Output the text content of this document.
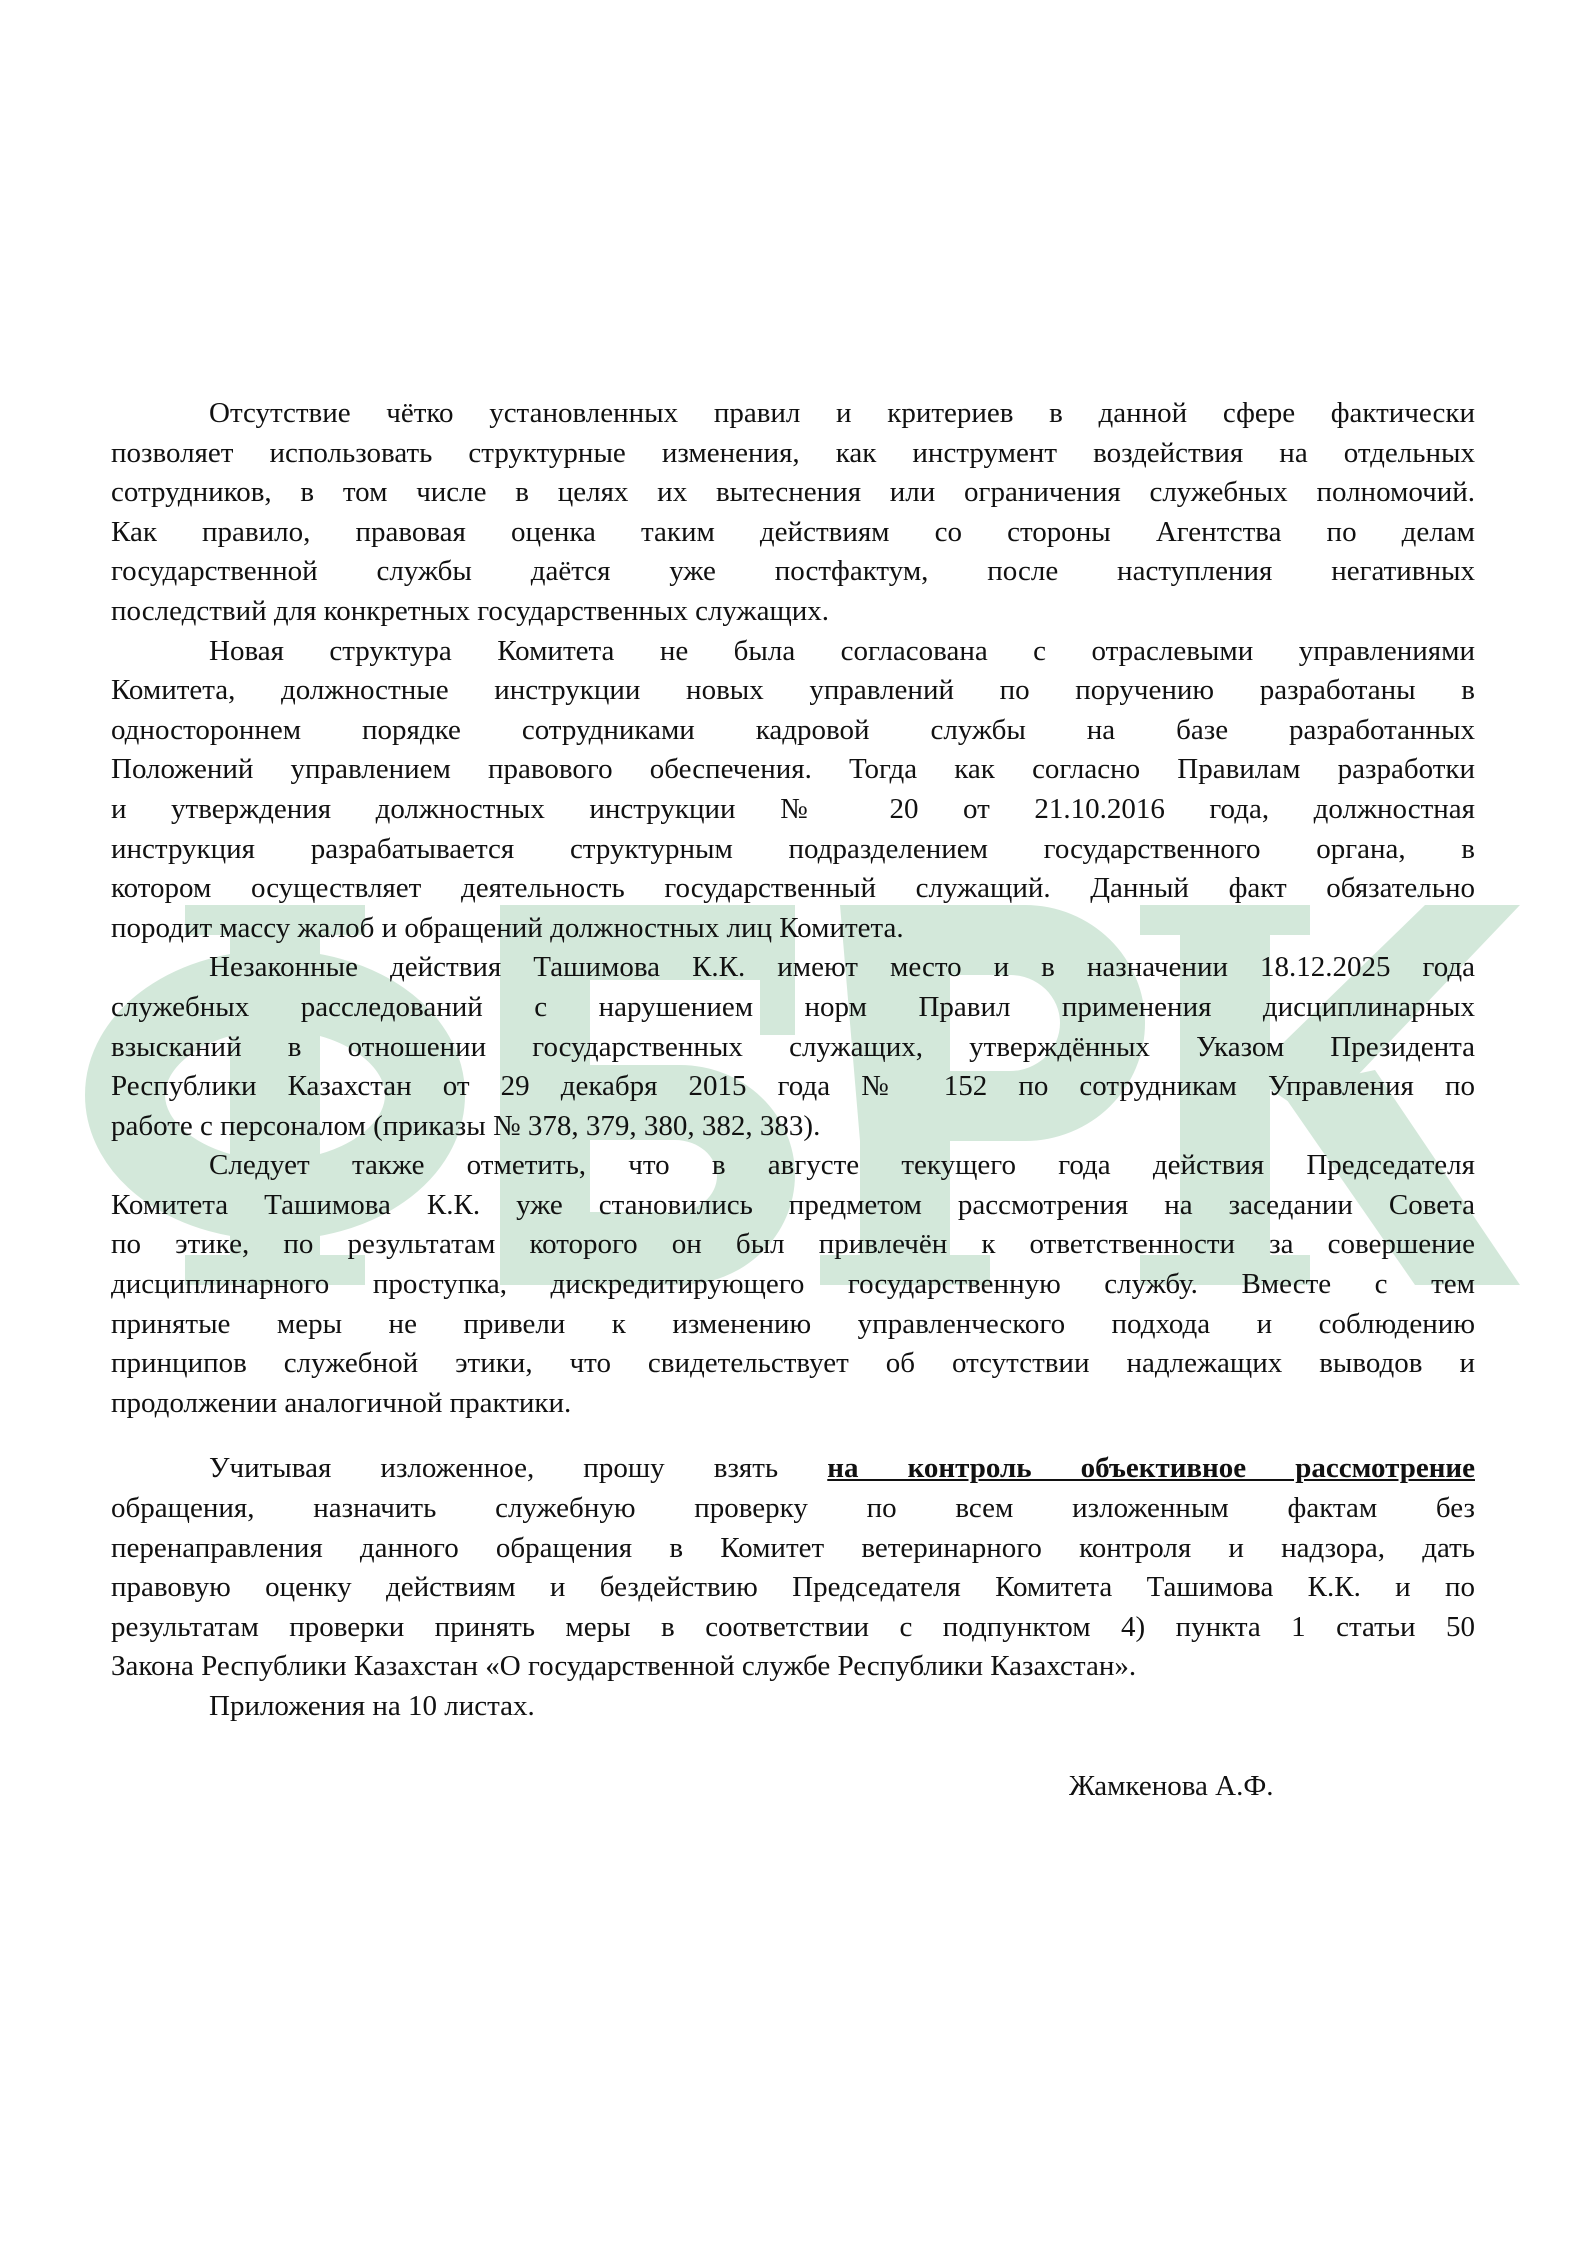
Отсутствие чётко установленных правил и критериев в данной сфере фактически
позволяет использовать структурные изменения, как инструмент воздействия на отдельных
сотрудников, в том числе в целях их вытеснения или ограничения служебных полномочий.
Как правило, правовая оценка таким действиям со стороны Агентства по делам
государственной службы даётся уже постфактум, после наступления негативных
последствий для конкретных государственных служащих.
Новая структура Комитета не была согласована с отраслевыми управлениями
Комитета, должностные инструкции новых управлений по поручению разработаны в
одностороннем порядке сотрудниками кадровой службы на базе разработанных
Положений управлением правового обеспечения. Тогда как согласно Правилам разработки
и утверждения должностных инструкции № 20 от 21.10.2016 года, должностная
инструкция разрабатывается структурным подразделением государственного органа, в
котором осуществляет деятельность государственный служащий. Данный факт обязательно
породит массу жалоб и обращений должностных лиц Комитета.
Незаконные действия Ташимова К.К. имеют место и в назначении 18.12.2025 года
служебных расследований с нарушением норм Правил применения дисциплинарных
взысканий в отношении государственных служащих, утверждённых Указом Президента
Республики Казахстан от 29 декабря 2015 года № 152 по сотрудникам Управления по
работе с персоналом (приказы № 378, 379, 380, 382, 383).
Следует также отметить, что в августе текущего года действия Председателя
Комитета Ташимова К.К. уже становились предметом рассмотрения на заседании Совета
по этике, по результатам которого он был привлечён к ответственности за совершение
дисциплинарного проступка, дискредитирующего государственную службу. Вместе с тем
принятые меры не привели к изменению управленческого подхода и соблюдению
принципов служебной этики, что свидетельствует об отсутствии надлежащих выводов и
продолжении аналогичной практики.
Учитывая изложенное, прошу взять на контроль объективное рассмотрение
обращения, назначить служебную проверку по всем изложенным фактам без
перенаправления данного обращения в Комитет ветеринарного контроля и надзора, дать
правовую оценку действиям и бездействию Председателя Комитета Ташимова К.К. и по
результатам проверки принять меры в соответствии с подпунктом 4) пункта 1 статьи 50
Закона Республики Казахстан «О государственной службе Республики Казахстан».
Приложения на 10 листах.
Жамкенова А.Ф.
